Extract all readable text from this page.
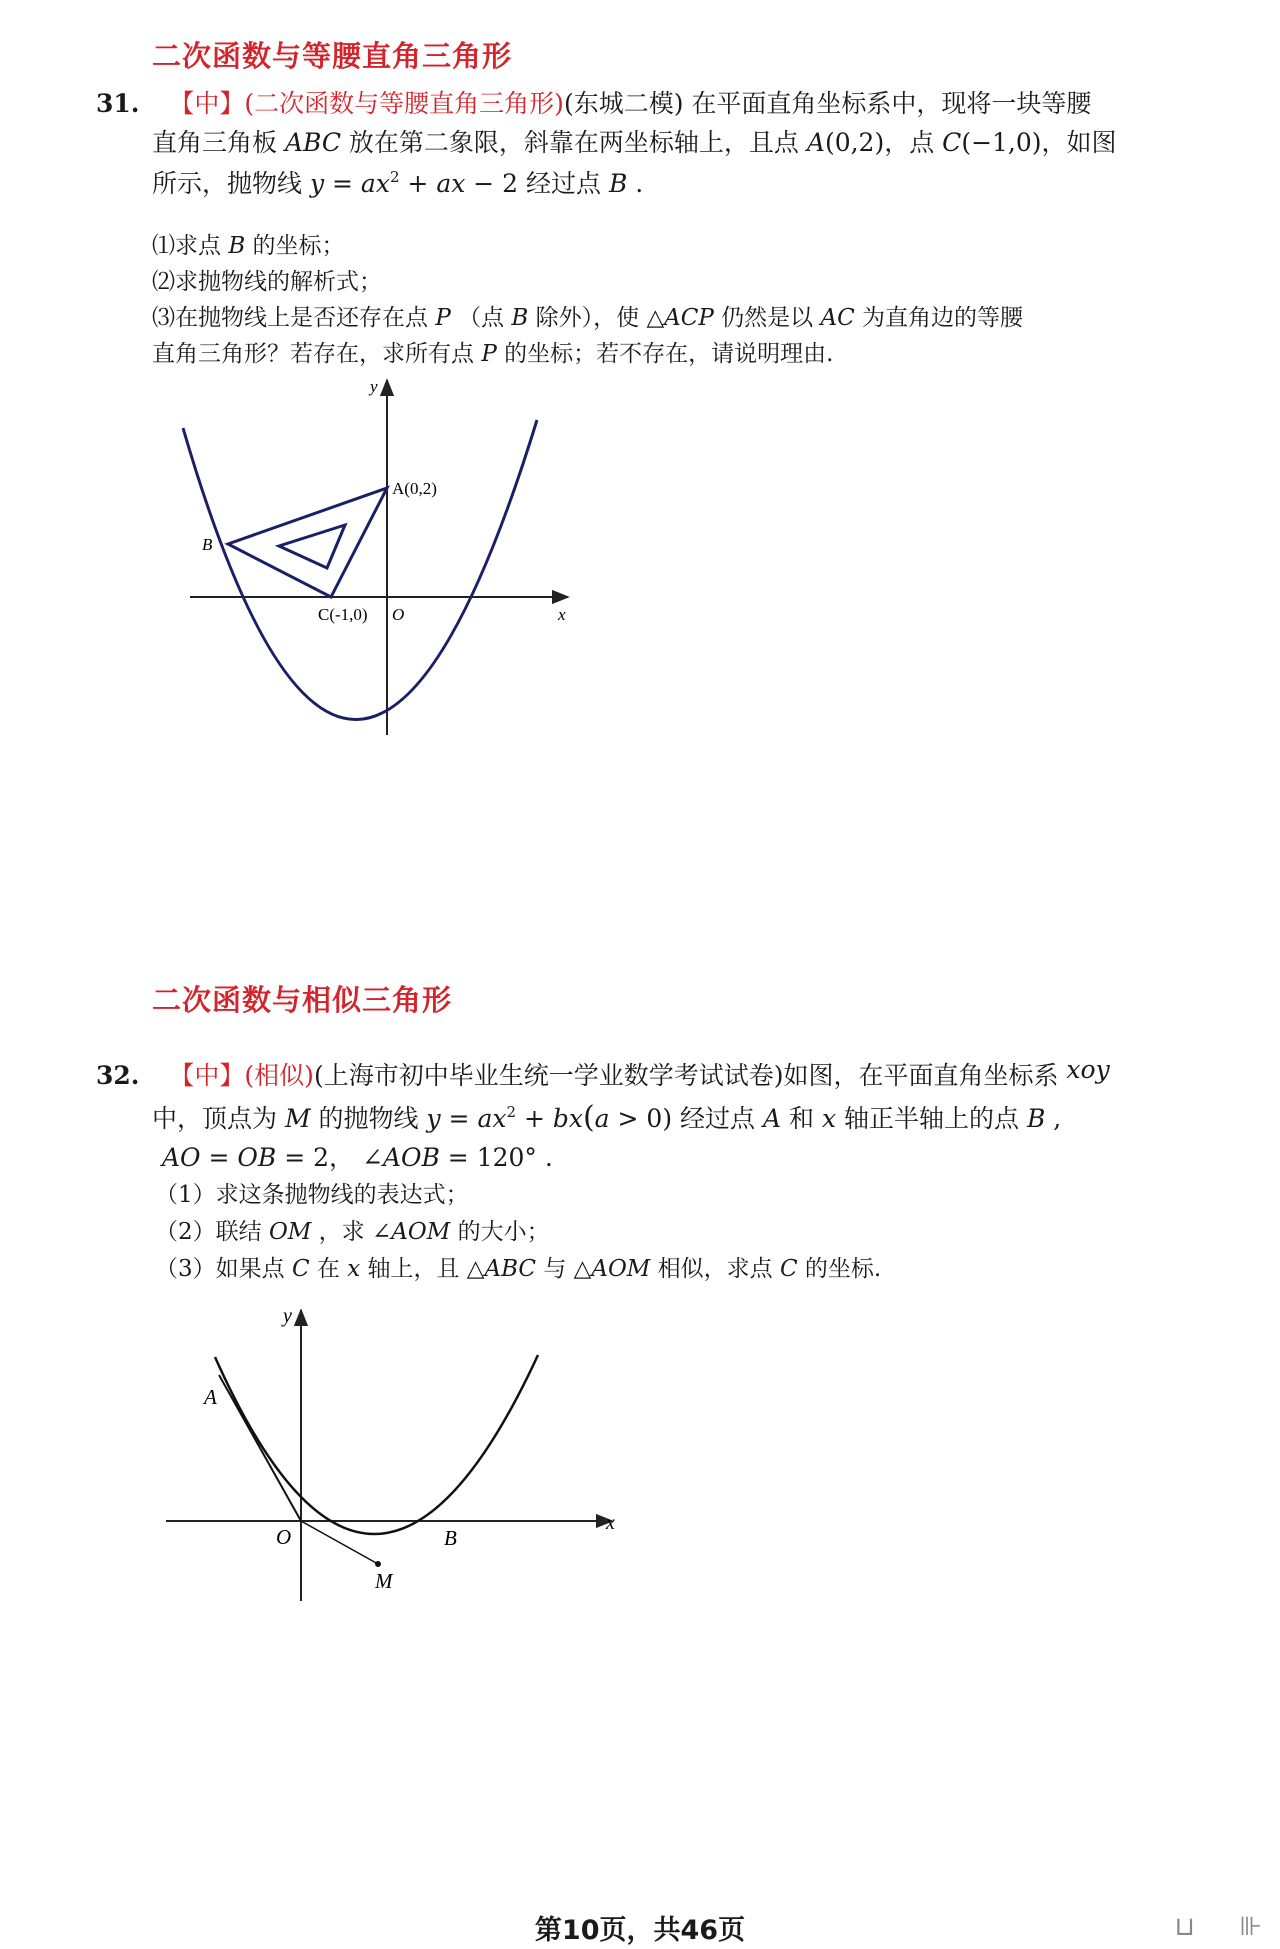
二次函数与等腰直角三角形
31. 【中】(二次函数与等腰直角三角形)(东城二模) 在平面直角坐标系中，现将一块等腰
直角三角板 ABC 放在第二象限，斜靠在两坐标轴上，且点 A(0,2)，点 C(−1,0)，如图
所示，抛物线 $y = ax^2$ + ax − 2 经过点 B .
⑴求点 B 的坐标；
⑵求抛物线的解析式；
⑶在抛物线上是否还存在点 P （点 B 除外），使 △ACP 仍然是以 AC 为直角边的等腰
直角三角形？若存在，求所有点 P 的坐标；若不存在，请说明理由.
y
x
A(0,2)
B
C(-1,0) O
y
x
A
O	B
M
二次函数与相似三角形
32. 【中】(相似)(上海市初中毕业生统一学业数学考试试卷)如图，在平面直角坐标系 xoy
中，顶点为 M 的抛物线 $y = ax^2 + bx(a > 0)$ 经过点 A 和 x 轴正半轴上的点 B ,
AO = OB = 2， ∠AOB = 120° .
（1）求这条抛物线的表达式；
（2）联结 OM ，求 ∠AOM 的大小；
（3）如果点 C 在 x 轴上，且 △ABC 与 △AOM 相似，求点 C 的坐标.
第10页，共46页	⊔ ⊪
